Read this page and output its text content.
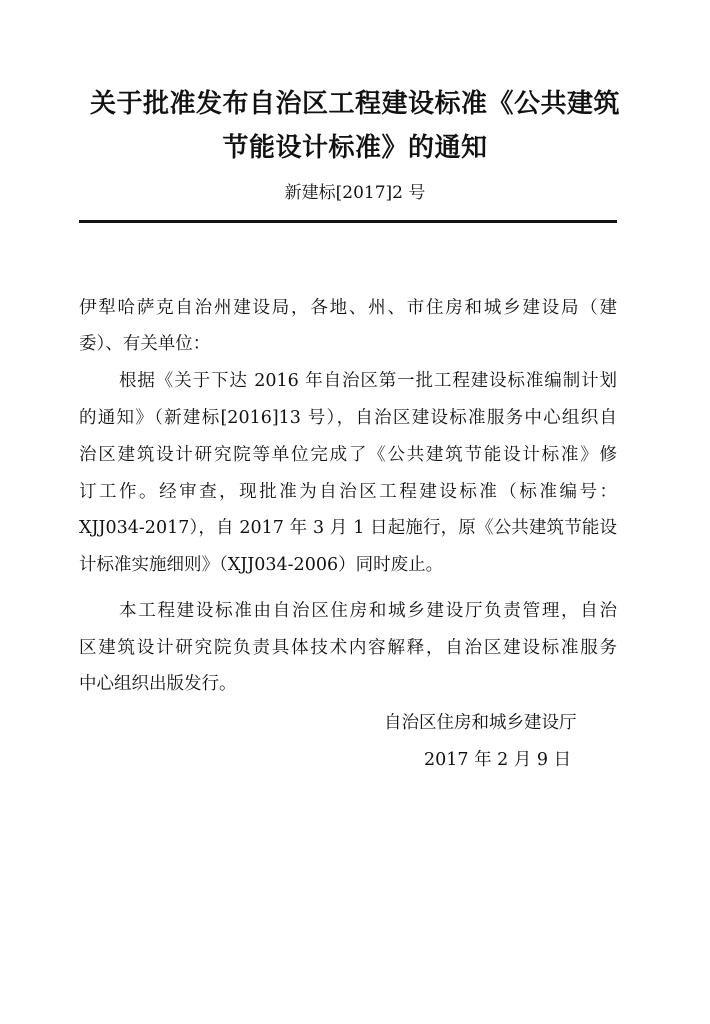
关于批准发布自治区工程建设标准《公共建筑
节能设计标准》的通知
新建标[2017]2 号
伊犁哈萨克自治州建设局，各地、州、市住房和城乡建设局（建
委）、有关单位：
根据《关于下达 2016 年自治区第一批工程建设标准编制计划
的通知》（新建标[2016]13 号），自治区建设标准服务中心组织自
治区建筑设计研究院等单位完成了《公共建筑节能设计标准》修
订工作。经审查，现批准为自治区工程建设标准（标准编号：
XJJ034-2017），自 2017 年 3 月 1 日起施行，原《公共建筑节能设
计标准实施细则》（XJJ034-2006）同时废止。
本工程建设标准由自治区住房和城乡建设厅负责管理，自治
区建筑设计研究院负责具体技术内容解释，自治区建设标准服务
中心组织出版发行。
自治区住房和城乡建设厅
2017 年 2 月 9 日
